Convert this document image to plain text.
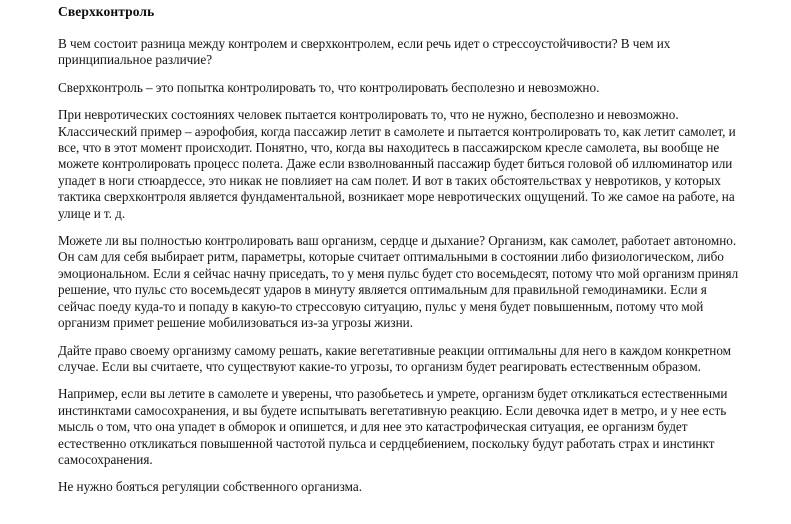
Сверхконтроль

В чем состоит разница между контролем и сверхконтролем, если речь идет о стрессоустойчивости? В чем их принципиальное различие?

Сверхконтроль – это попытка контролировать то, что контролировать бесполезно и невозможно.

При невротических состояниях человек пытается контролировать то, что не нужно, бесполезно и невозможно. Классический пример – аэрофобия, когда пассажир летит в самолете и пытается контролировать то, как летит самолет, и все, что в этот момент происходит. Понятно, что, когда вы находитесь в пассажирском кресле самолета, вы вообще не можете контролировать процесс полета. Даже если взволнованный пассажир будет биться головой об иллюминатор или упадет в ноги стюардессе, это никак не повлияет на сам полет. И вот в таких обстоятельствах у невротиков, у которых тактика сверхконтроля является фундаментальной, возникает море невротических ощущений. То же самое на работе, на улице и т. д.

Можете ли вы полностью контролировать ваш организм, сердце и дыхание? Организм, как самолет, работает автономно. Он сам для себя выбирает ритм, параметры, которые считает оптимальными в состоянии либо физиологическом, либо эмоциональном. Если я сейчас начну приседать, то у меня пульс будет сто восемьдесят, потому что мой организм принял решение, что пульс сто восемьдесят ударов в минуту является оптимальным для правильной гемодинамики. Если я сейчас поеду куда-то и попаду в какую-то стрессовую ситуацию, пульс у меня будет повышенным, потому что мой организм примет решение мобилизоваться из-за угрозы жизни.

Дайте право своему организму самому решать, какие вегетативные реакции оптимальны для него в каждом конкретном случае. Если вы считаете, что существуют какие-то угрозы, то организм будет реагировать естественным образом.

Например, если вы летите в самолете и уверены, что разобьетесь и умрете, организм будет откликаться естественными инстинктами самосохранения, и вы будете испытывать вегетативную реакцию. Если девочка идет в метро, и у нее есть мысль о том, что она упадет в обморок и опишется, и для нее это катастрофическая ситуация, ее организм будет естественно откликаться повышенной частотой пульса и сердцебиением, поскольку будут работать страх и инстинкт самосохранения.

Не нужно бояться регуляции собственного организма.
